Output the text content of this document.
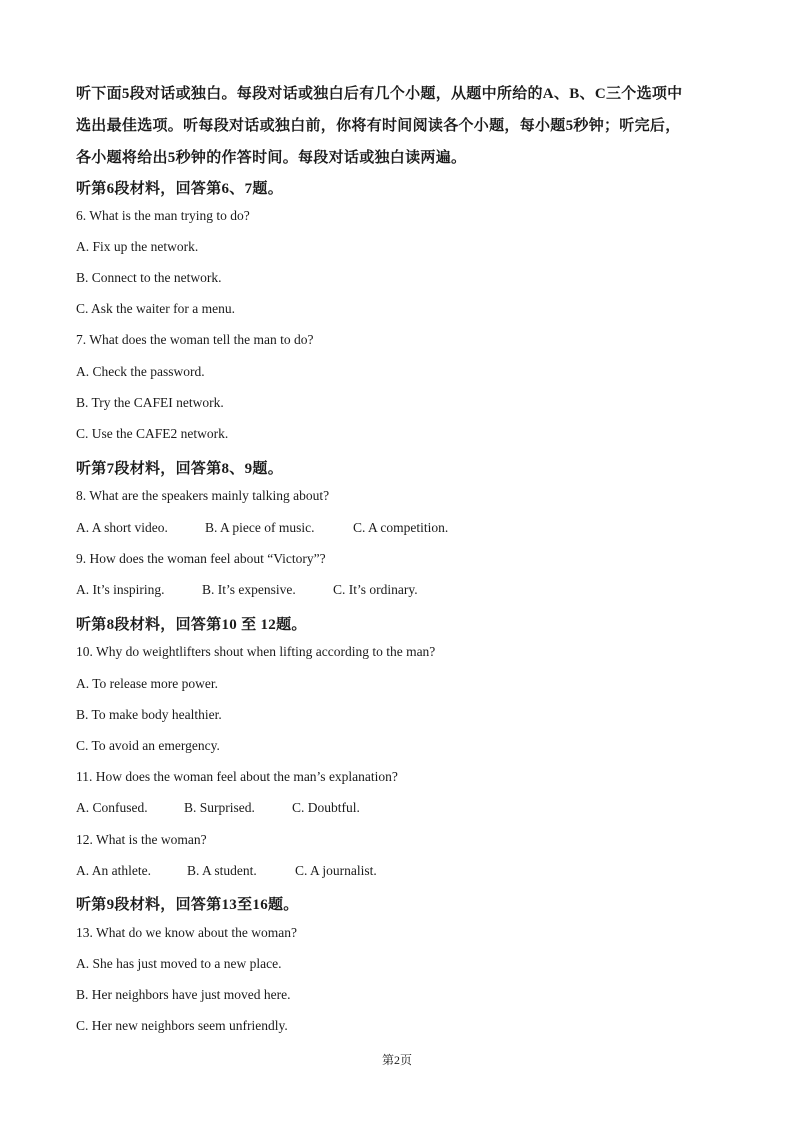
听下面5段对话或独白。每段对话或独白后有几个小题，从题中所给的A、B、C三个选项中
选出最佳选项。听每段对话或独白前，你将有时间阅读各个小题，每小题5秒钟；听完后，
各小题将给出5秒钟的作答时间。每段对话或独白读两遍。
听第6段材料，回答第6、7题。
6. What is the man trying to do?
A. Fix up the network.
B. Connect to the network.
C. Ask the waiter for a menu.
7. What does the woman tell the man to do?
A. Check the password.
B. Try the CAFEI network.
C. Use the CAFE2 network.
听第7段材料，回答第8、9题。
8. What are the speakers mainly talking about?
A. A short video.	B. A piece of music.	C. A competition.
9. How does the woman feel about “Victory”?
A. It’s inspiring.	B. It’s expensive.	C. It’s ordinary.
听第8段材料，回答第10 至 12题。
10. Why do weightlifters shout when lifting according to the man?
A. To release more power.
B. To make body healthier.
C. To avoid an emergency.
11. How does the woman feel about the man’s explanation?
A. Confused.	B. Surprised.	C. Doubtful.
12. What is the woman?
A. An athlete.	B. A student.	C. A journalist.
听第9段材料，回答第13至16题。
13. What do we know about the woman?
A. She has just moved to a new place.
B. Her neighbors have just moved here.
C. Her new neighbors seem unfriendly.
第2页
